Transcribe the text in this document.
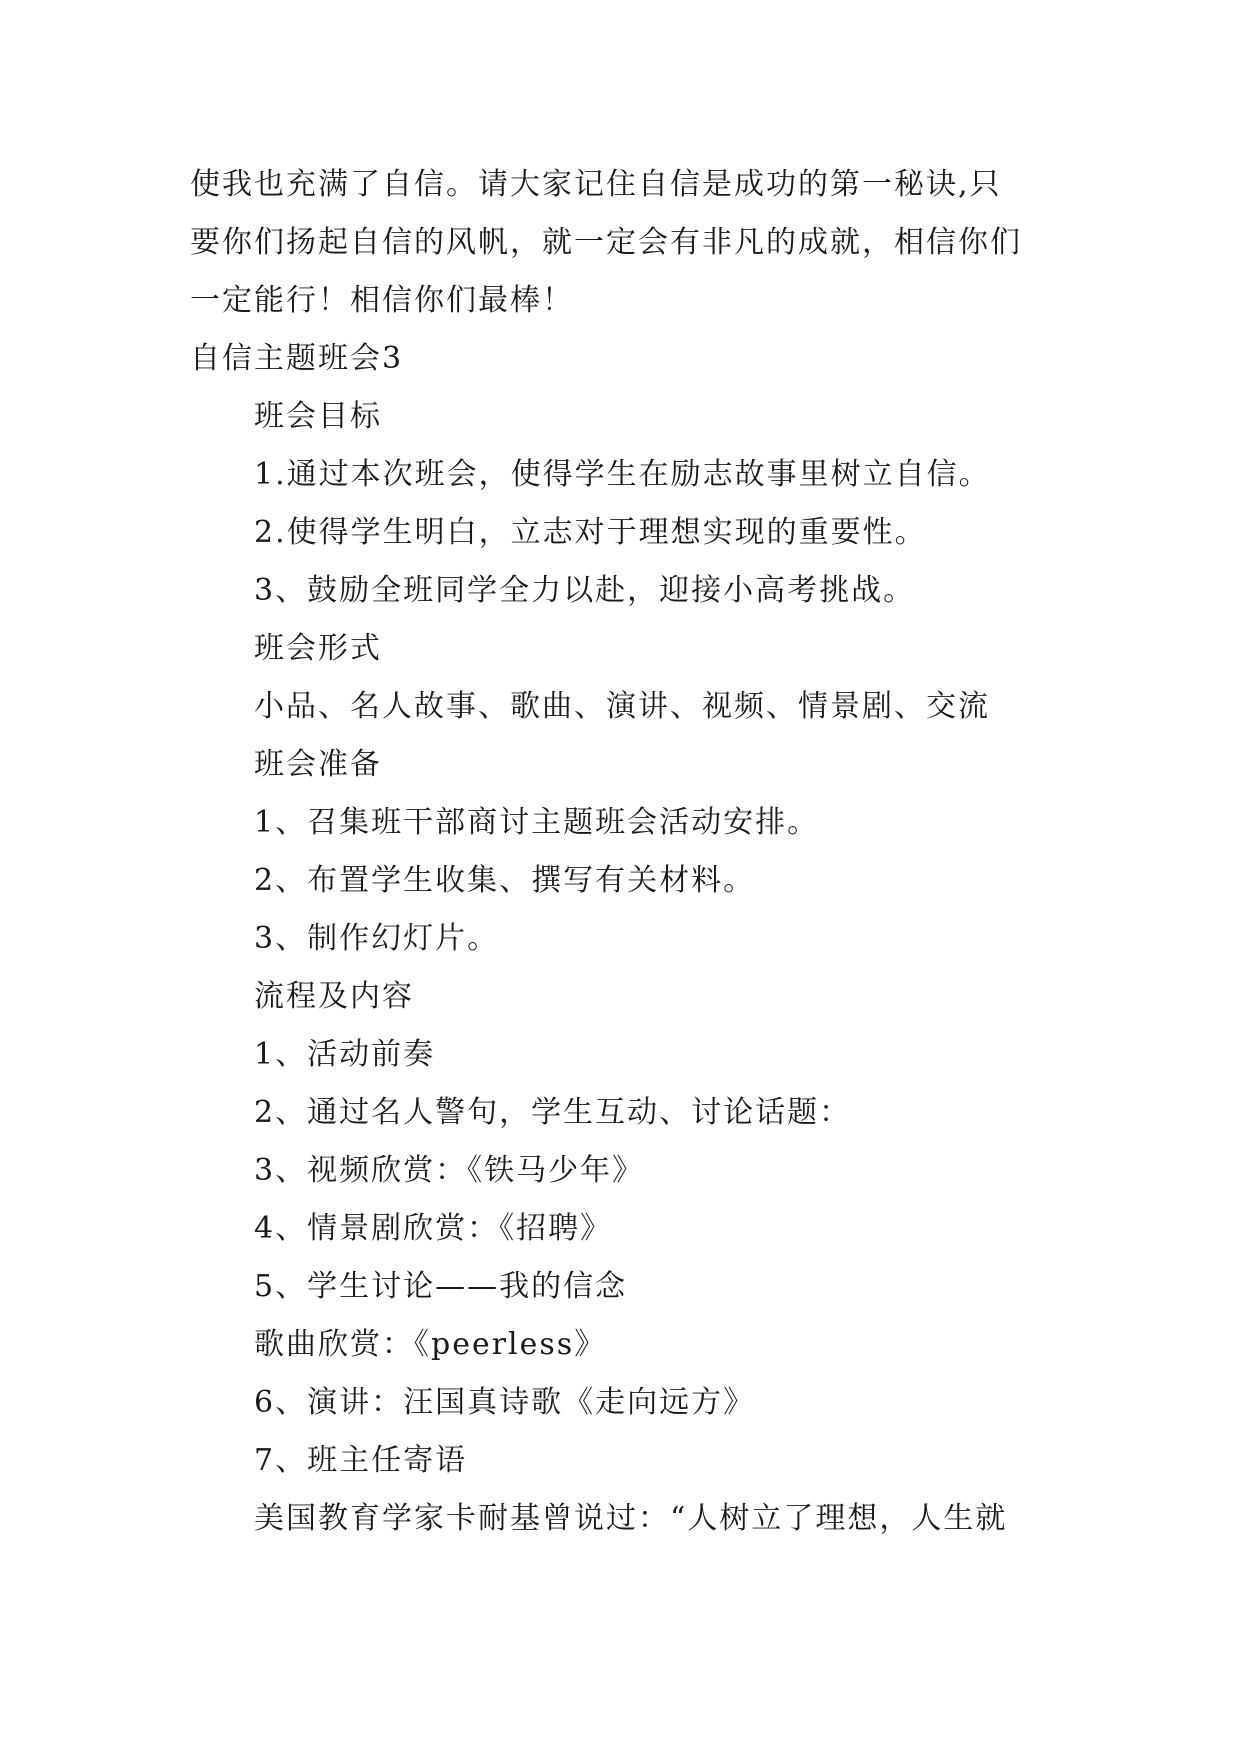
使我也充满了自信。请大家记住自信是成功的第一秘诀,只
要你们扬起自信的风帆，就一定会有非凡的成就，相信你们
一定能行！相信你们最棒！
自信主题班会3
班会目标
1.通过本次班会，使得学生在励志故事里树立自信。
2.使得学生明白，立志对于理想实现的重要性。
3、鼓励全班同学全力以赴，迎接小高考挑战。
班会形式
小品、名人故事、歌曲、演讲、视频、情景剧、交流
班会准备
1、召集班干部商讨主题班会活动安排。
2、布置学生收集、撰写有关材料。
3、制作幻灯片。
流程及内容
1、活动前奏
2、通过名人警句，学生互动、讨论话题：
3、视频欣赏：《铁马少年》
4、情景剧欣赏：《招聘》
5、学生讨论——我的信念
歌曲欣赏：《peerless》
6、演讲：汪国真诗歌《走向远方》
7、班主任寄语
美国教育学家卡耐基曾说过：“人树立了理想，人生就
